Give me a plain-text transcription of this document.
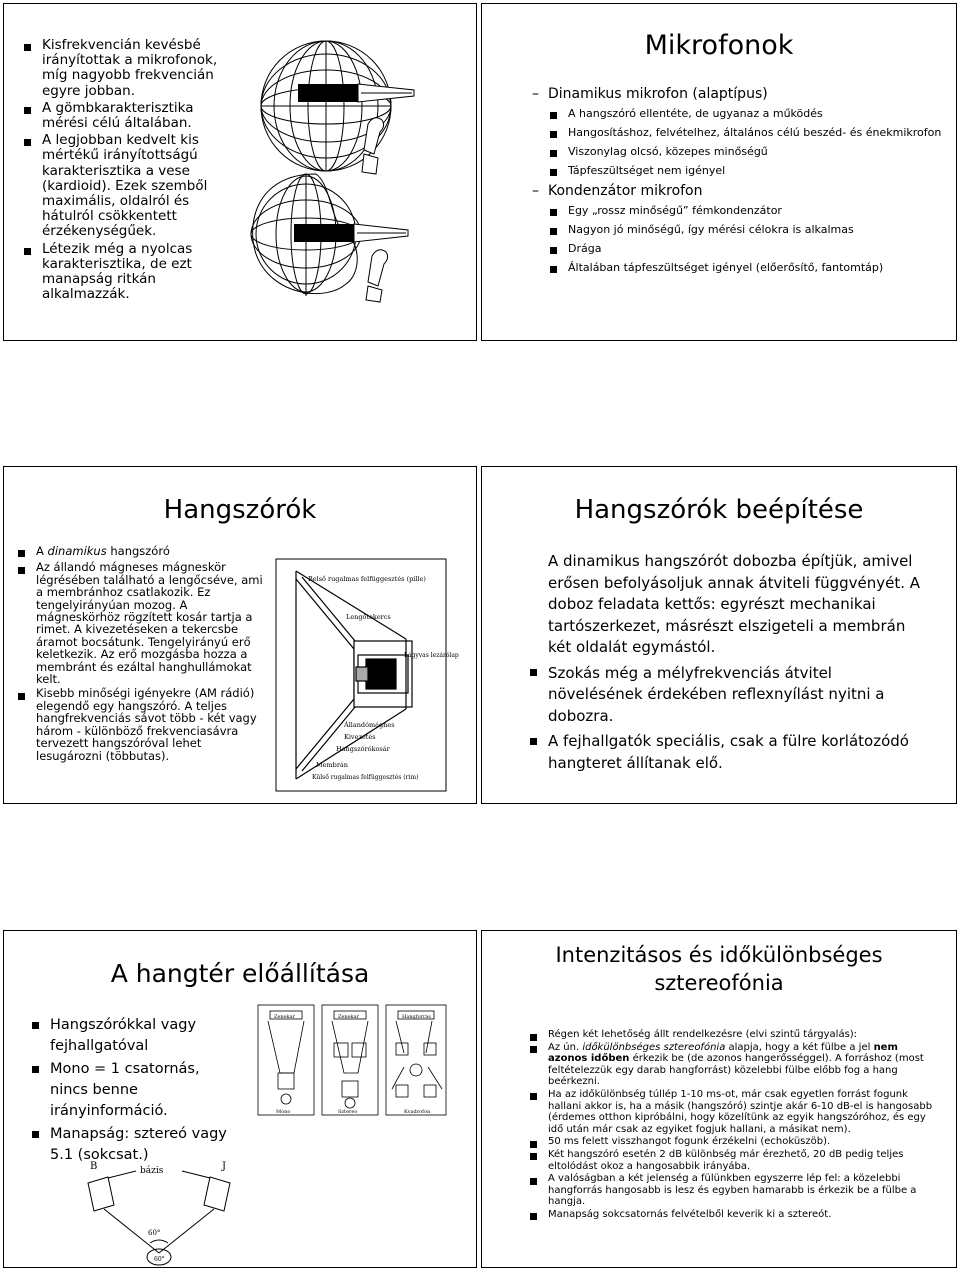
Kisfrekvencián kevésbé irányítottak a mikrofonok, míg nagyobb frekvencián egyre jobban.
A gömbkarakterisztika mérési célú általában.
A legjobban kedvelt kis mértékű irányítottságú karakterisztika a vese (kardioid). Ezek szemből maximális, oldalról és hátulról csökkentett érzékenységűek.
Létezik még a nyolcas karakterisztika, de ezt manapság ritkán alkalmazzák.
Mikrofonok
– Dinamikus mikrofon (alaptípus)
A hangszóró ellentéte, de ugyanaz a működés
Hangosításhoz, felvételhez, általános célú beszéd- és énekmikrofon
Viszonylag olcsó, közepes minőségű
Tápfeszültséget nem igényel
– Kondenzátor mikrofon
Egy „rossz minőségű” fémkondenzátor
Nagyon jó minőségű, így mérési célokra is alkalmas
Drága
Általában tápfeszültséget igényel (előerősítő, fantomtáp)
Hangszórók
A dinamikus hangszóró
Az állandó mágneses mágneskör légrésében található a lengőcséve, ami a membránhoz csatlakozik. Ez tengelyirányúan mozog. A mágneskörhöz rögzített kosár tartja a rimet. A kivezetéseken a tekercsbe áramot bocsátunk. Tengelyirányú erő keletkezik. Az erő mozgásba hozza a membránt és ezáltal hanghullámokat kelt.
Kisebb minőségi igényekre (AM rádió) elegendő egy hangszóró. A teljes hangfrekvenciás sávot több - két vagy három - különböző frekvenciasávra tervezett hangszóróval lehet lesugározni (többutas).
Belső rugalmas felfüggesztés (pille)
Lengőtekercs
Lágyvas lezárólap
Állandómágnes
Kivezetés
Hangszórókosár
Membrán
Külső rugalmas felfüggesztés (rim)
Hangszórók beépítése

A dinamikus hangszórót dobozba építjük, amivel erősen befolyásoljuk annak átviteli függvényét. A doboz feladata kettős: egyrészt mechanikai tartószerkezet, másrészt elszigeteli a membrán két oldalát egymástól.

Szokás még a mélyfrekvenciás átvitel növelésének érdekében reflexnyílást nyitni a dobozra.
A fejhallgatók speciális, csak a fülre korlátozódó hangteret állítanak elő.
A hangtér előállítása
Hangszórókkal vagy fejhallgatóval
Mono = 1 csatornás, nincs benne irányinformáció.
Manapság: sztereó vagy 5.1 (sokcsat.)
Zenekar	Zenekar	Hangforrás
Mono	Sztereo	Kvadrofon
B	J
bázis
60°
60°
Intenzitásos és időkülönbséges sztereofónia
Régen két lehetőség állt rendelkezésre (elvi szintű tárgyalás):
Az ún. időkülönbséges sztereofónia alapja, hogy a két fülbe a jel nem azonos időben érkezik be (de azonos hangerősséggel). A forráshoz (most feltételezzük egy darab hangforrást) közelebbi fülbe előbb fog a hang beérkezni.
Ha az időkülönbség túllép 1-10 ms-ot, már csak egyetlen forrást fogunk hallani akkor is, ha a másik (hangszóró) szintje akár 6-10 dB-el is hangosabb (érdemes otthon kipróbálni, hogy közelítünk az egyik hangszóróhoz, és egy idő után már csak az egyiket fogjuk hallani, a másikat nem).
50 ms felett visszhangot fogunk érzékelni (echoküszöb).
Két hangszóró esetén 2 dB különbség már érezhető, 20 dB pedig teljes eltolódást okoz a hangosabbik irányába.
A valóságban a két jelenség a fülünkben egyszerre lép fel: a közelebbi hangforrás hangosabb is lesz és egyben hamarabb is érkezik be a fülbe a hangja.
Manapság sokcsatornás felvételből keverik ki a sztereót.
